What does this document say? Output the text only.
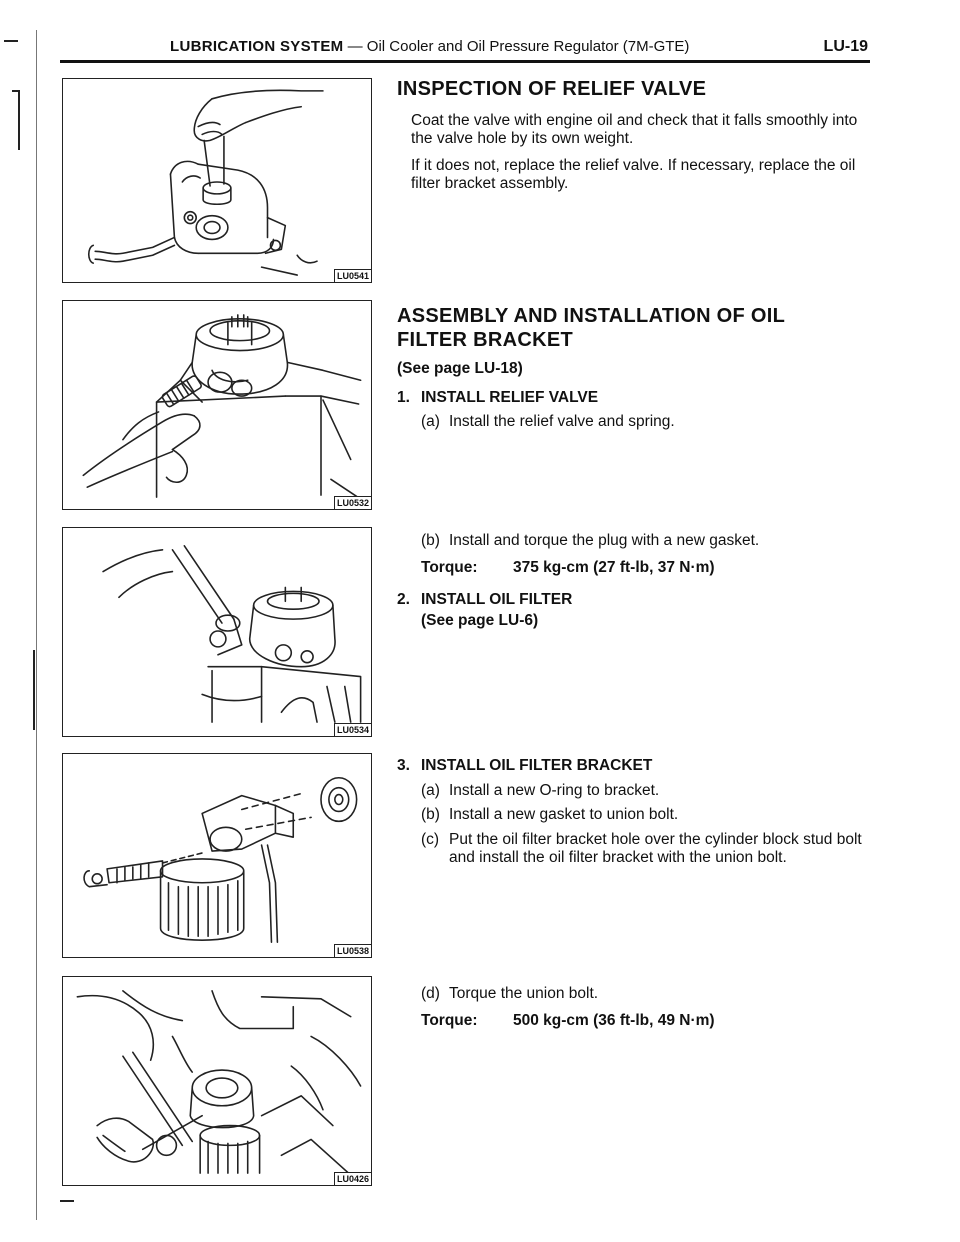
LUBRICATION SYSTEM — Oil Cooler and Oil Pressure Regulator (7M-GTE)	LU-19
LU0541
LU0532
LU0534
LU0538
LU0426
INSPECTION OF RELIEF VALVE
Coat the valve with engine oil and check that it falls smoothly into the valve hole by its own weight.
If it does not, replace the relief valve. If necessary, replace the oil filter bracket assembly.
ASSEMBLY AND INSTALLATION OF OIL
FILTER BRACKET
(See page LU-18)
1. INSTALL RELIEF VALVE
(a) Install the relief valve and spring.
(b) Install and torque the plug with a new gasket.
Torque:	375 kg-cm (27 ft-lb, 37 N·m)
2. INSTALL OIL FILTER
(See page LU-6)
3. INSTALL OIL FILTER BRACKET
(a) Install a new O-ring to bracket.
(b) Install a new gasket to union bolt.
(c) Put the oil filter bracket hole over the cylinder block stud bolt and install the oil filter bracket with the union bolt.
(d) Torque the union bolt.
Torque:	500 kg-cm (36 ft-lb, 49 N·m)
